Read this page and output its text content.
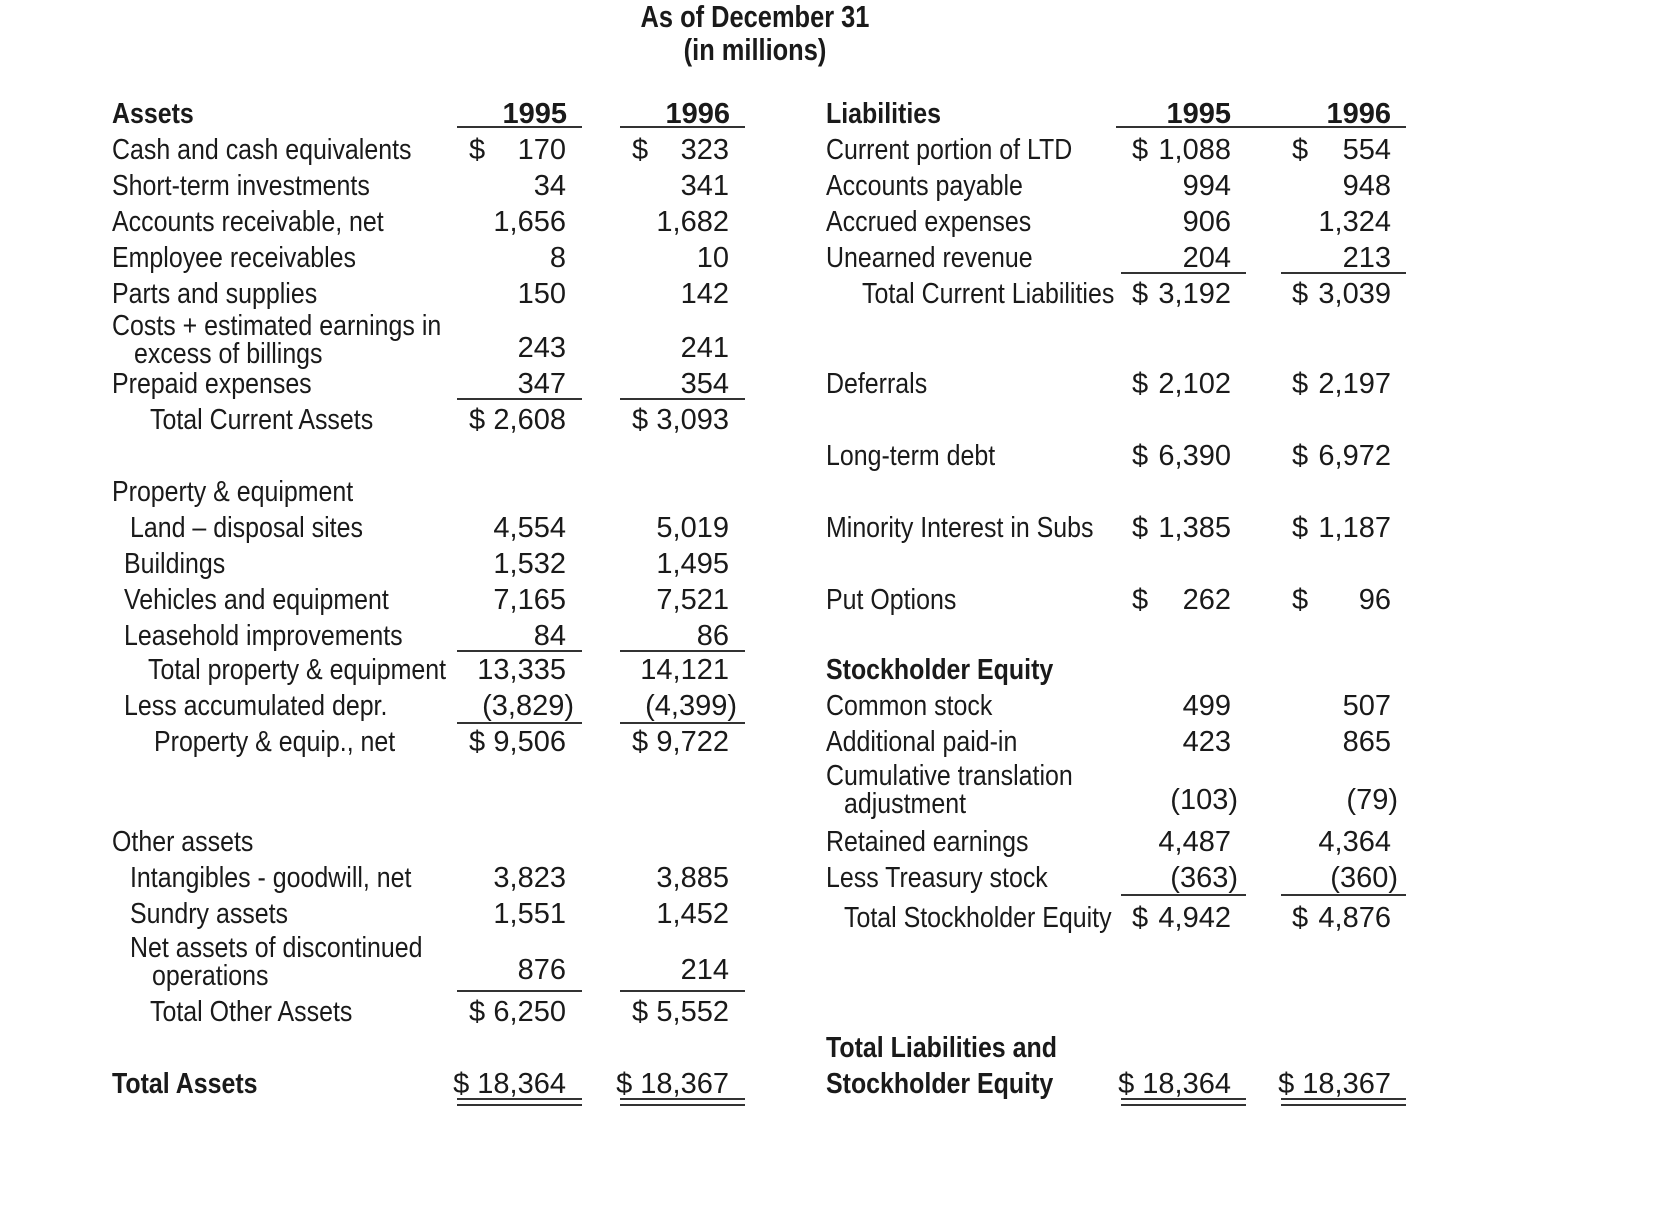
As of December 31
(in millions)
Assets	1995	1996
Cash and cash equivalents $ 170 $ 323
Short-term investments	34	341
Accounts receivable, net	1,656	1,682
Employee receivables	8	10
Parts and supplies	150	142
Costs + estimated earnings in
excess of billings	243	241
Prepaid expenses	347	354
Total Current Assets	$ 2,608 $ 3,093
Property & equipment
Land – disposal sites	4,554	5,019
Buildings	1,532	1,495
Vehicles and equipment	7,165	7,521
Leasehold improvements	84	86
Total property & equipment 13,335	14,121
Less accumulated depr.	(3,829) (4,399)
Property & equip., net	$ 9,506 $ 9,722
Other assets
Intangibles - goodwill, net	3,823	3,885
Sundry assets	1,551	1,452
Net assets of discontinued
operations	876	214
Total Other Assets	$ 6,250 $ 5,552
Total Assets	$ 18,364 $ 18,367
Liabilities	1995	1996
Current portion of LTD $ 1,088 $ 554
Accounts payable	994	948
Accrued expenses	906	1,324
Unearned revenue	204	213
Total Current Liabilities $ 3,192 $ 3,039
Deferrals	$ 2,102 $ 2,197
Long-term debt	$ 6,390 $ 6,972
Minority Interest in Subs $ 1,385 $ 1,187
Put Options	$ 262 $ 96
Stockholder Equity
Common stock	499	507
Additional paid-in	423	865
Cumulative translation
adjustment	(103)	(79)
Retained earnings	4,487	4,364
Less Treasury stock	(363)	(360)
Total Stockholder Equity $ 4,942 $ 4,876
Total Liabilities and
Stockholder Equity $ 18,364 $ 18,367
